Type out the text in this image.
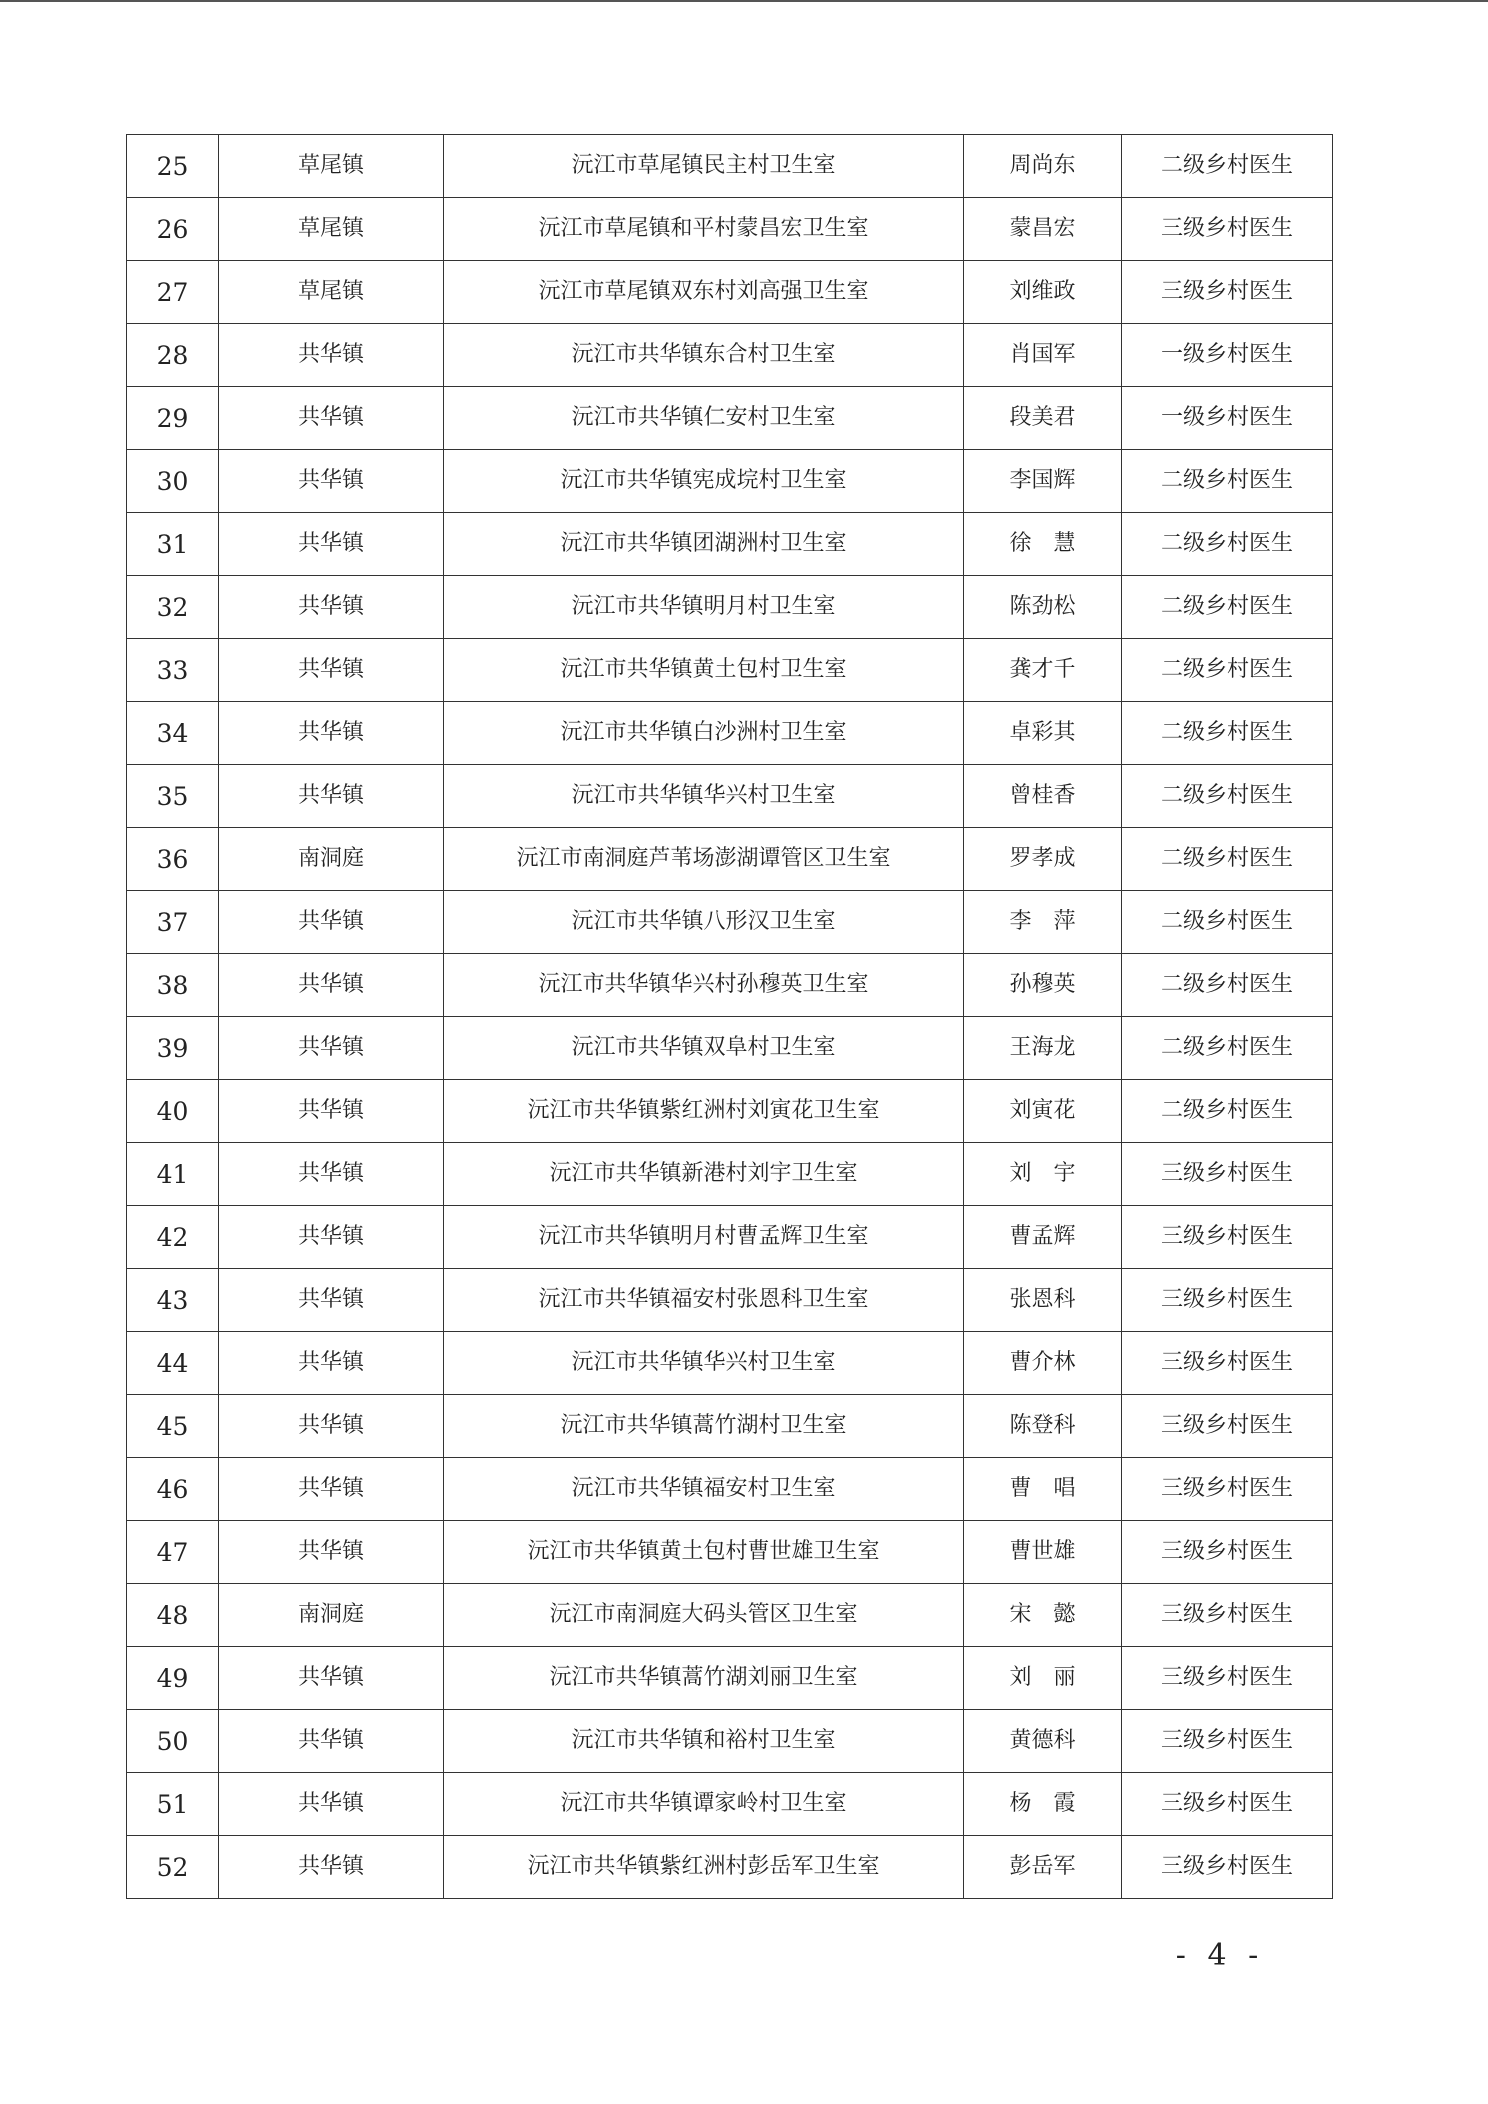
25	草尾镇	沅江市草尾镇民主村卫生室	周尚东	二级乡村医生
26	草尾镇	沅江市草尾镇和平村蒙昌宏卫生室	蒙昌宏	三级乡村医生
27	草尾镇	沅江市草尾镇双东村刘高强卫生室	刘维政	三级乡村医生
28	共华镇	沅江市共华镇东合村卫生室	肖国军	一级乡村医生
29	共华镇	沅江市共华镇仁安村卫生室	段美君	一级乡村医生
30	共华镇	沅江市共华镇宪成垸村卫生室	李国辉	二级乡村医生
31	共华镇	沅江市共华镇团湖洲村卫生室	徐　慧	二级乡村医生
32	共华镇	沅江市共华镇明月村卫生室	陈劲松	二级乡村医生
33	共华镇	沅江市共华镇黄土包村卫生室	龚才千	二级乡村医生
34	共华镇	沅江市共华镇白沙洲村卫生室	卓彩其	二级乡村医生
35	共华镇	沅江市共华镇华兴村卫生室	曾桂香	二级乡村医生
36	南洞庭	沅江市南洞庭芦苇场澎湖谭管区卫生室	罗孝成	二级乡村医生
37	共华镇	沅江市共华镇八形汉卫生室	李　萍	二级乡村医生
38	共华镇	沅江市共华镇华兴村孙穆英卫生室	孙穆英	二级乡村医生
39	共华镇	沅江市共华镇双阜村卫生室	王海龙	二级乡村医生
40	共华镇	沅江市共华镇紫红洲村刘寅花卫生室	刘寅花	二级乡村医生
41	共华镇	沅江市共华镇新港村刘宇卫生室	刘　宇	三级乡村医生
42	共华镇	沅江市共华镇明月村曹孟辉卫生室	曹孟辉	三级乡村医生
43	共华镇	沅江市共华镇福安村张恩科卫生室	张恩科	三级乡村医生
44	共华镇	沅江市共华镇华兴村卫生室	曹介林	三级乡村医生
45	共华镇	沅江市共华镇蒿竹湖村卫生室	陈登科	三级乡村医生
46	共华镇	沅江市共华镇福安村卫生室	曹　唱	三级乡村医生
47	共华镇	沅江市共华镇黄土包村曹世雄卫生室	曹世雄	三级乡村医生
48	南洞庭	沅江市南洞庭大码头管区卫生室	宋　懿	三级乡村医生
49	共华镇	沅江市共华镇蒿竹湖刘丽卫生室	刘　丽	三级乡村医生
50	共华镇	沅江市共华镇和裕村卫生室	黄德科	三级乡村医生
51	共华镇	沅江市共华镇谭家岭村卫生室	杨　霞	三级乡村医生
52	共华镇	沅江市共华镇紫红洲村彭岳军卫生室	彭岳军	三级乡村医生
- 4 -
